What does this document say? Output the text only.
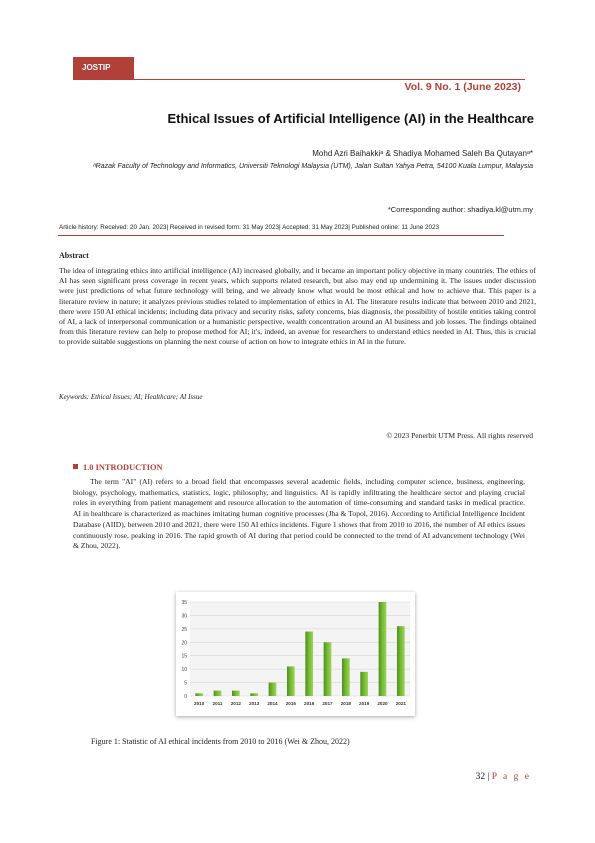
JOSTIP
Vol. 9 No. 1 (June 2023)
Ethical Issues of Artificial Intelligence (AI) in the Healthcare
Mohd Azri Baihakkiᵃ & Shadiya Mohamed Saleh Ba Qutayanᵃ*
ᵃRazak Faculty of Technology and Informatics, Universiti Teknologi Malaysia (UTM), Jalan Sultan Yahya Petra, 54100 Kuala Lumpur, Malaysia
*Corresponding author: shadiya.kl@utm.my
Article history: Received: 20 Jan. 2023| Received in revised form: 31 May 2023| Accepted: 31 May 2023| Published online: 11 June 2023
Abstract
The idea of integrating ethics into artificial intelligence (AI) increased globally, and it became an important policy objective in many countries. The ethics of AI has seen significant press coverage in recent years, which supports related research, but also may end up undermining it. The issues under discussion were just predictions of what future technology will bring, and we already know what would be most ethical and how to achieve that. This paper is a literature review in nature; it analyzes previous studies related to implementation of ethics in AI. The literature results indicate that between 2010 and 2021, there were 150 AI ethical incidents; including data privacy and security risks, safety concerns, bias diagnosis, the possibility of hostile entities taking control of AI, a lack of interpersonal communication or a humanistic perspective, wealth concentration around an AI business and job losses. The findings obtained from this literature review can help to propose method for AI; it's, indeed, an avenue for researchers to understand ethics needed in AI. Thus, this is crucial to provide suitable suggestions on planning the next course of action on how to integrate ethics in AI in the future.
Keywords: Ethical Issues; AI; Healthcare; AI Issue
© 2023 Penerbit UTM Press. All rights reserved
1.0 INTRODUCTION
The term "AI" (AI) refers to a broad field that encompasses several academic fields, including computer science, business, engineering, biology, psychology, mathematics, statistics, logic, philosophy, and linguistics. AI is rapidly infiltrating the healthcare sector and playing crucial roles in everything from patient management and resource allocation to the automation of time-consuming and standard tasks in medical practice. AI in healthcare is characterized as machines imitating human cognitive processes (Jha & Topol, 2016). According to Artificial Intelligence Incident Database (AIID), between 2010 and 2021, there were 150 AI ethics incidents. Figure 1 shows that from 2010 to 2016, the number of AI ethics issues continuously rose, peaking in 2016. The rapid growth of AI during that period could be connected to the trend of AI advancement technology (Wei & Zhou, 2022).
0
5
10
15
20
25
30
35
2010 2011 2012 2013 2014 2015 2016 2017 2018 2019 2020 2021
Figure 1: Statistic of AI ethical incidents from 2010 to 2016 (Wei & Zhou, 2022)
32 | P a g e
